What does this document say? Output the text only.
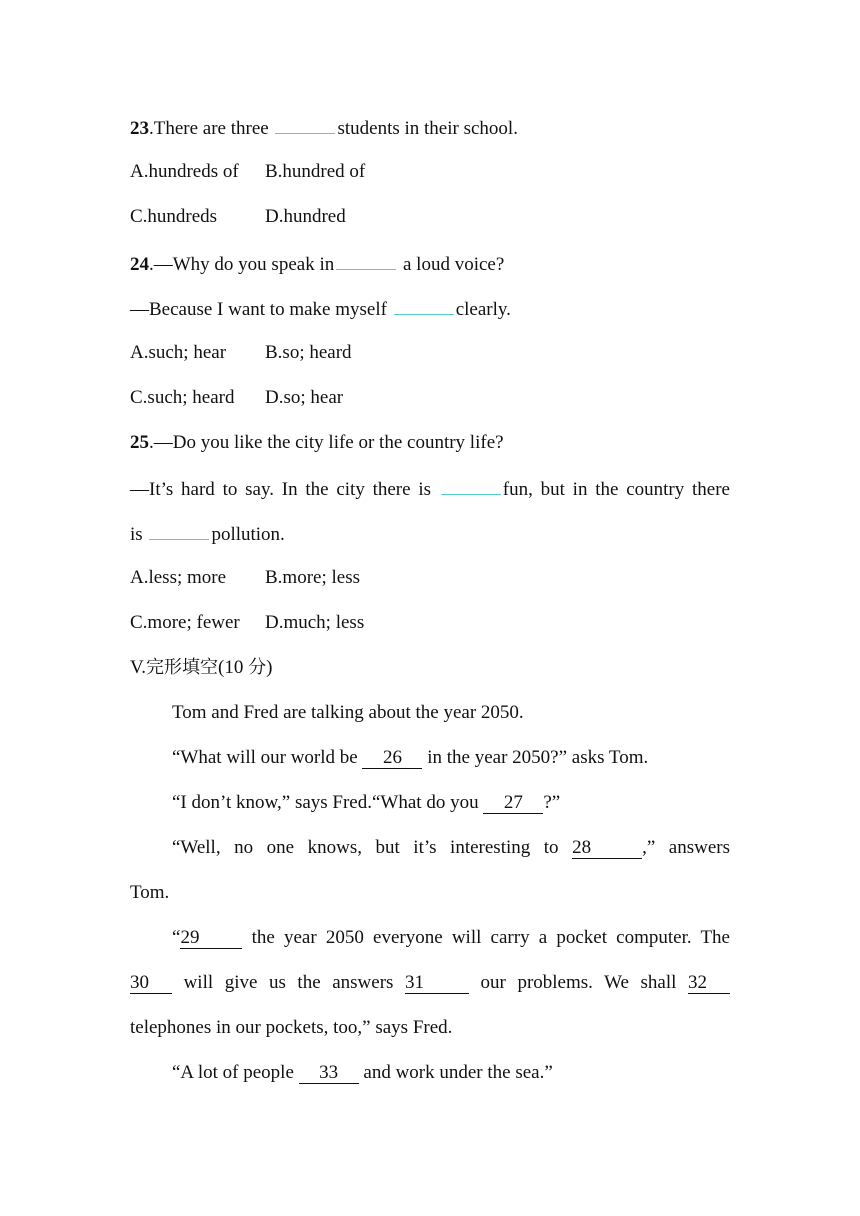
23.There are three	students in their school.
A.hundreds of B.hundred of
C.hundreds	D.hundred
24.—Why do you speak in	a loud voice?
—Because I want to make myself	clearly.
A.such; hear B.so; heard
C.such; heard D.so; hear
25.—Do you like the city life or the country life?
—It’s hard to say. In the city there is	fun, but in the country there
is	pollution.
A.less; more B.more; less
C.more; fewer D.much; less
V.完形填空(10 分)
Tom and Fred are talking about the year 2050.
“What will our world be 26 in the year 2050?” asks Tom.
“I don’t know,” says Fred.“What do you 27 ?”
“Well, no one knows, but it’s interesting to 28	,” answers
Tom.
“29 the year 2050 everyone will carry a pocket computer. The
30 will give us the answers 31 our problems. We shall 32
telephones in our pockets, too,” says Fred.
“A lot of people 33 and work under the sea.”
